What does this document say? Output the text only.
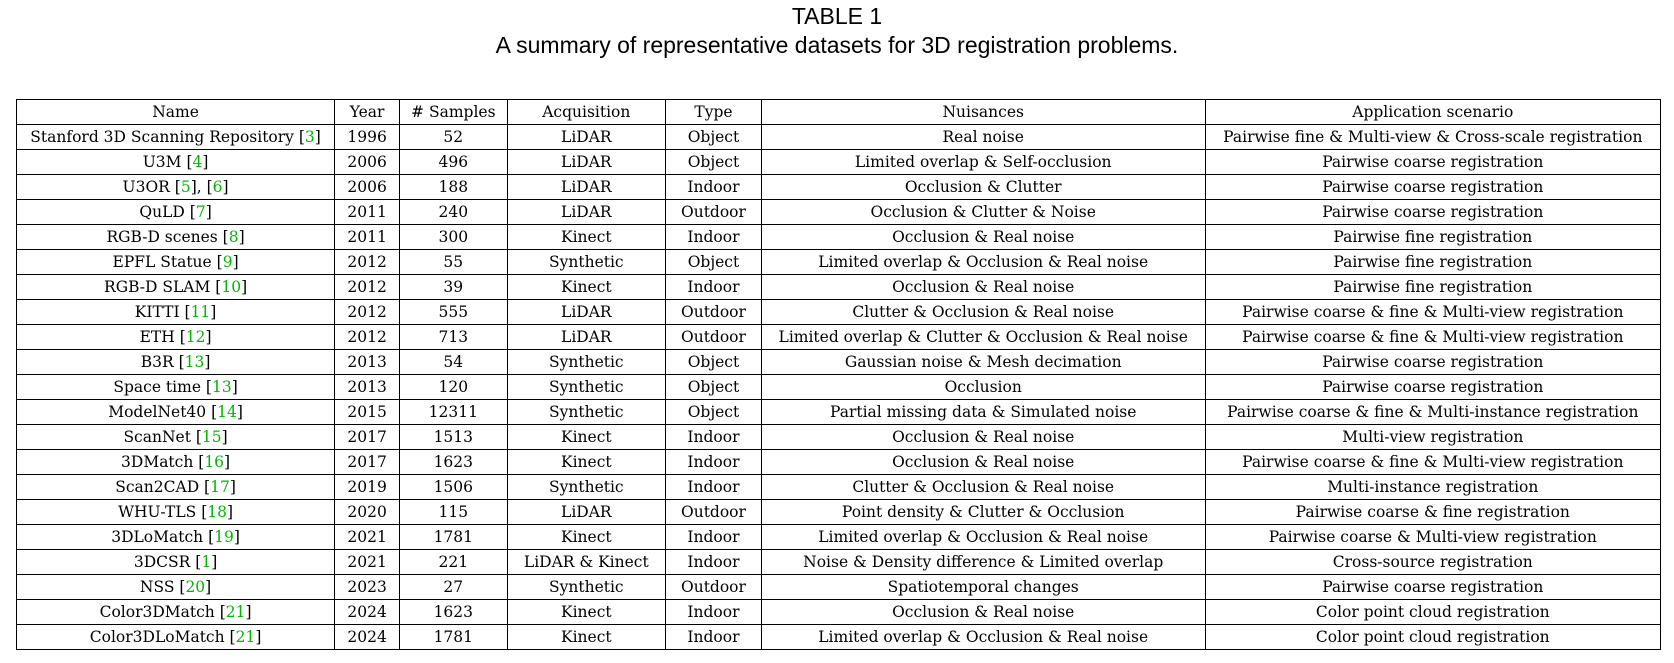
TABLE 1
A summary of representative datasets for 3D registration problems.
Name	Year	# Samples	Acquisition	Type	Nuisances	Application scenario
Stanford 3D Scanning Repository [3]	1996	52	LiDAR	Object	Real noise	Pairwise fine & Multi-view & Cross-scale registration
U3M [4]	2006	496	LiDAR	Object	Limited overlap & Self-occlusion	Pairwise coarse registration
U3OR [5], [6]	2006	188	LiDAR	Indoor	Occlusion & Clutter	Pairwise coarse registration
QuLD [7]	2011	240	LiDAR	Outdoor	Occlusion & Clutter & Noise	Pairwise coarse registration
RGB-D scenes [8]	2011	300	Kinect	Indoor	Occlusion & Real noise	Pairwise fine registration
EPFL Statue [9]	2012	55	Synthetic	Object	Limited overlap & Occlusion & Real noise	Pairwise fine registration
RGB-D SLAM [10]	2012	39	Kinect	Indoor	Occlusion & Real noise	Pairwise fine registration
KITTI [11]	2012	555	LiDAR	Outdoor	Clutter & Occlusion & Real noise	Pairwise coarse & fine & Multi-view registration
ETH [12]	2012	713	LiDAR	Outdoor	Limited overlap & Clutter & Occlusion & Real noise	Pairwise coarse & fine & Multi-view registration
B3R [13]	2013	54	Synthetic	Object	Gaussian noise & Mesh decimation	Pairwise coarse registration
Space time [13]	2013	120	Synthetic	Object	Occlusion	Pairwise coarse registration
ModelNet40 [14]	2015	12311	Synthetic	Object	Partial missing data & Simulated noise	Pairwise coarse & fine & Multi-instance registration
ScanNet [15]	2017	1513	Kinect	Indoor	Occlusion & Real noise	Multi-view registration
3DMatch [16]	2017	1623	Kinect	Indoor	Occlusion & Real noise	Pairwise coarse & fine & Multi-view registration
Scan2CAD [17]	2019	1506	Synthetic	Indoor	Clutter & Occlusion & Real noise	Multi-instance registration
WHU-TLS [18]	2020	115	LiDAR	Outdoor	Point density & Clutter & Occlusion	Pairwise coarse & fine registration
3DLoMatch [19]	2021	1781	Kinect	Indoor	Limited overlap & Occlusion & Real noise	Pairwise coarse & Multi-view registration
3DCSR [1]	2021	221	LiDAR & Kinect	Indoor	Noise & Density difference & Limited overlap	Cross-source registration
NSS [20]	2023	27	Synthetic	Outdoor	Spatiotemporal changes	Pairwise coarse registration
Color3DMatch [21]	2024	1623	Kinect	Indoor	Occlusion & Real noise	Color point cloud registration
Color3DLoMatch [21]	2024	1781	Kinect	Indoor	Limited overlap & Occlusion & Real noise	Color point cloud registration
